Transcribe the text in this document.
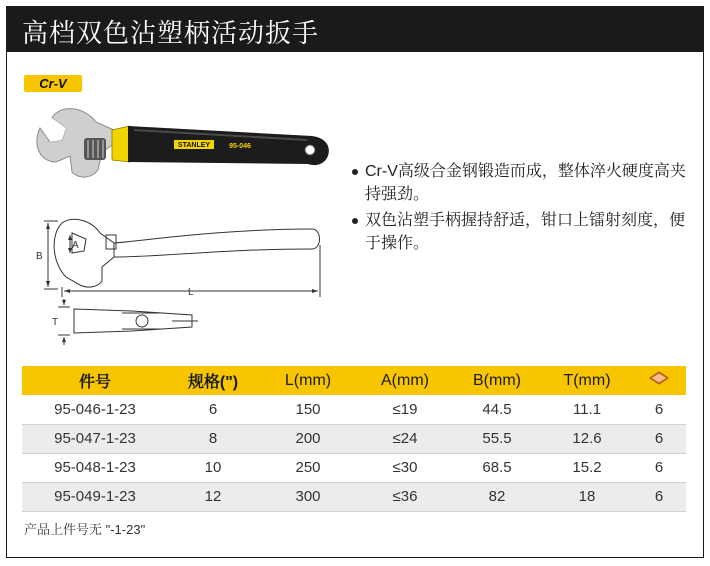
高档双色沾塑柄活动扳手
Cr-V
STANLEY	95-046
B
A
L
T
Cr-V高级合金钢锻造而成，整体淬火硬度高夹持强劲。
双色沾塑手柄握持舒适，钳口上镭射刻度，便于操作。
件号	规格(")	L(mm)	A(mm)	B(mm)	T(mm)	
95-046-1-23	6	150	≤19	44.5	11.1	6
95-047-1-23	8	200	≤24	55.5	12.6	6
95-048-1-23	10	250	≤30	68.5	15.2	6
95-049-1-23	12	300	≤36	82	18	6
产品上件号无 "-1-23"
